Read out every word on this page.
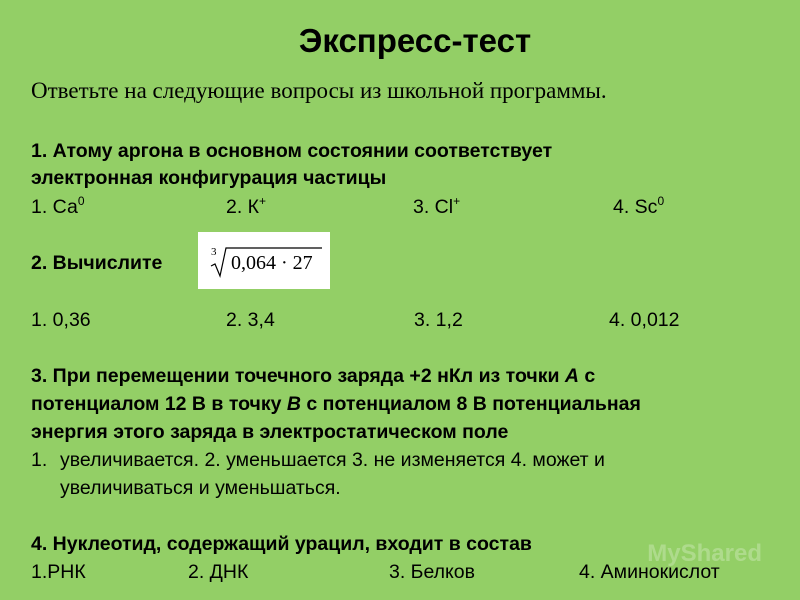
Экспресс-тест
Ответьте на следующие вопросы из школьной программы.
1. Атому аргона в основном состоянии соответствует
электронная конфигурация частицы
1. $Са^0$	2. К+	3. Сl+	4. Sc$^0$
2. Вычислите	3 0,064 · 27
1. 0,36	2. 3,4	3. 1,2	4. 0,012
3. При перемещении точечного заряда +2 нКл из точки А с
потенциалом 12 В в точку В с потенциалом 8 В потенциальная
энергия этого заряда в электростатическом поле
1. увеличивается. 2. уменьшается 3. не изменяется 4. может и
увеличиваться и уменьшаться.
4. Нуклеотид, содержащий урацил, входит в состав
1.РНК	2. ДНК	3. Белков	4. Аминокислот
MyShared
